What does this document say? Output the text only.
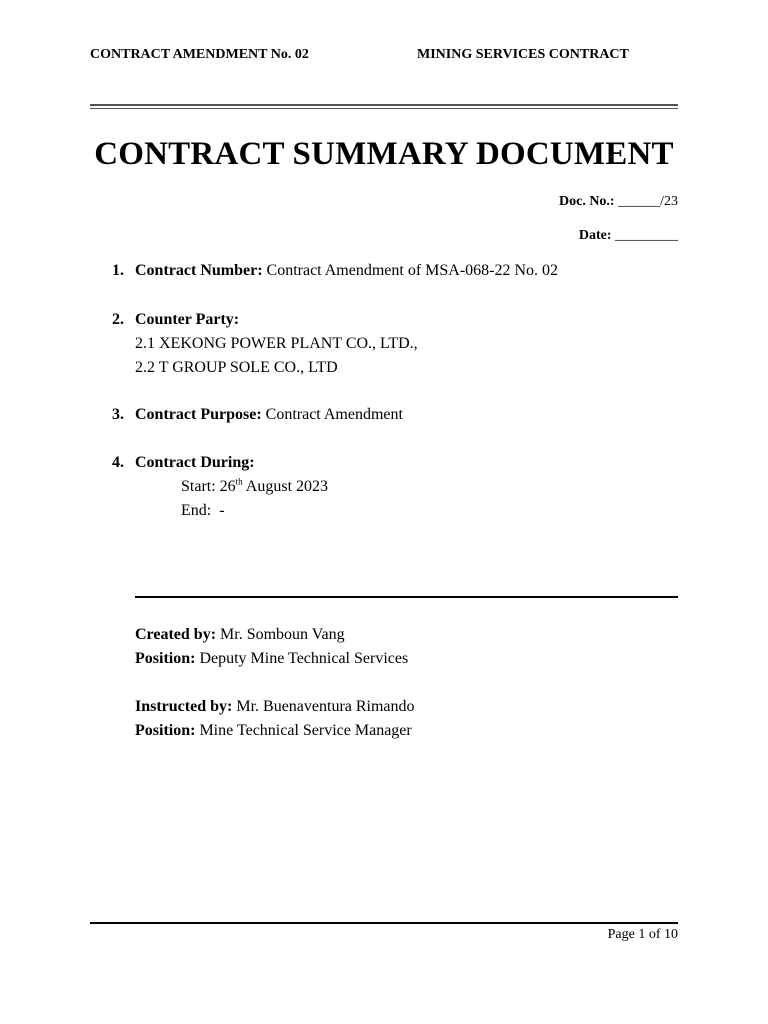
CONTRACT AMENDMENT No. 02	MINING SERVICES CONTRACT
CONTRACT SUMMARY DOCUMENT
Doc. No.: ______/23
Date: _________
1. Contract Number: Contract Amendment of MSA-068-22 No. 02
2. Counter Party:
2.1 XEKONG POWER PLANT CO., LTD.,
2.2 T GROUP SOLE CO., LTD
3. Contract Purpose: Contract Amendment
4. Contract During:
Start: 26th August 2023
End:  -
Created by: Mr. Somboun Vang
Position: Deputy Mine Technical Services
Instructed by: Mr. Buenaventura Rimando
Position: Mine Technical Service Manager
Page 1 of 10
